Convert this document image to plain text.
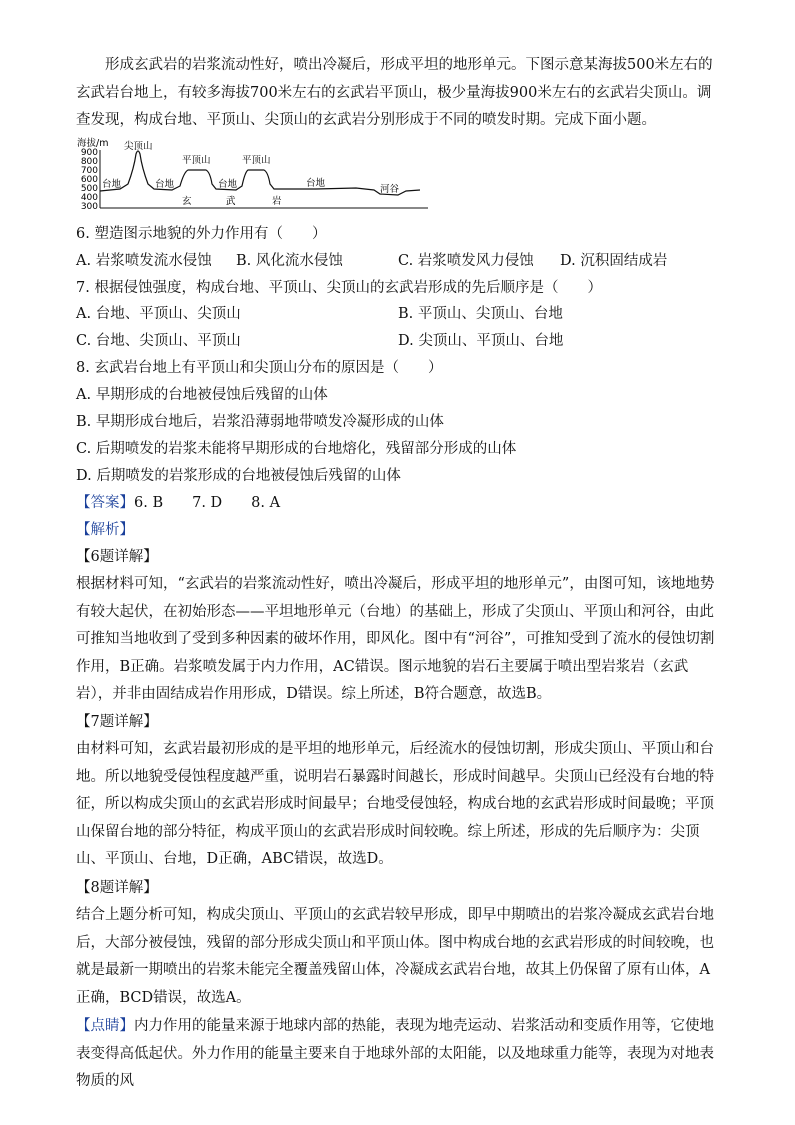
形成玄武岩的岩浆流动性好，喷出冷凝后，形成平坦的地形单元。下图示意某海拔500米左右的玄武岩台地上，有较多海拔700米左右的玄武岩平顶山，极少量海拔900米左右的玄武岩尖顶山。调查发现，构成台地、平顶山、尖顶山的玄武岩分别形成于不同的喷发时期。完成下面小题。

海拔/m
900
800
700
600
500
400
300
尖顶山
平顶山	平顶山
台地	台地	台地	台地
河谷
玄	武	岩
6. 塑造图示地貌的外力作用有（　　）
A. 岩浆喷发流水侵蚀 B. 风化流水侵蚀	C. 岩浆喷发风力侵蚀 D. 沉积固结成岩
7. 根据侵蚀强度，构成台地、平顶山、尖顶山的玄武岩形成的先后顺序是（　　）
A. 台地、平顶山、尖顶山	B. 平顶山、尖顶山、台地
C. 台地、尖顶山、平顶山	D. 尖顶山、平顶山、台地
8. 玄武岩台地上有平顶山和尖顶山分布的原因是（　　）
A. 早期形成的台地被侵蚀后残留的山体
B. 早期形成台地后，岩浆沿薄弱地带喷发冷凝形成的山体
C. 后期喷发的岩浆未能将早期形成的台地熔化，残留部分形成的山体
D. 后期喷发的岩浆形成的台地被侵蚀后残留的山体
【答案】6. B　　7. D　　8. A
【解析】
【6题详解】

根据材料可知，“玄武岩的岩浆流动性好，喷出冷凝后，形成平坦的地形单元”，由图可知，该地地势有较大起伏，在初始形态——平坦地形单元（台地）的基础上，形成了尖顶山、平顶山和河谷，由此可推知当地收到了受到多种因素的破坏作用，即风化。图中有“河谷”，可推知受到了流水的侵蚀切割作用，B正确。岩浆喷发属于内力作用，AC错误。图示地貌的岩石主要属于喷出型岩浆岩（玄武岩），并非由固结成岩作用形成，D错误。综上所述，B符合题意，故选B。

【7题详解】

由材料可知，玄武岩最初形成的是平坦的地形单元，后经流水的侵蚀切割，形成尖顶山、平顶山和台地。所以地貌受侵蚀程度越严重，说明岩石暴露时间越长，形成时间越早。尖顶山已经没有台地的特征，所以构成尖顶山的玄武岩形成时间最早；台地受侵蚀轻，构成台地的玄武岩形成时间最晚；平顶山保留台地的部分特征，构成平顶山的玄武岩形成时间较晚。综上所述，形成的先后顺序为：尖顶山、平顶山、台地，D正确，ABC错误，故选D。

【8题详解】

结合上题分析可知，构成尖顶山、平顶山的玄武岩较早形成，即早中期喷出的岩浆冷凝成玄武岩台地后，大部分被侵蚀，残留的部分形成尖顶山和平顶山体。图中构成台地的玄武岩形成的时间较晚，也就是最新一期喷出的岩浆未能完全覆盖残留山体，冷凝成玄武岩台地，故其上仍保留了原有山体，A正确，BCD错误，故选A。

【点睛】内力作用的能量来源于地球内部的热能，表现为地壳运动、岩浆活动和变质作用等，它使地表变得高低起伏。外力作用的能量主要来自于地球外部的太阳能，以及地球重力能等，表现为对地表物质的风
